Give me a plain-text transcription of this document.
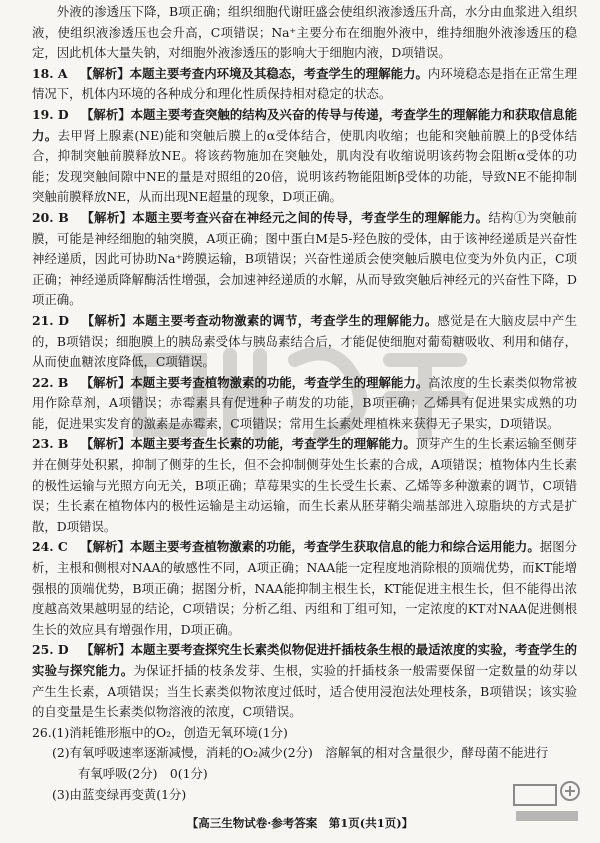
外液的渗透压下降，B项正确；组织细胞代谢旺盛会使组织液渗透压升高，水分由血浆进入组织液，使组织液渗透压也会升高，C项错误；Na⁺主要分布在细胞外液中，维持细胞外液渗透压的稳定，因此机体大量失钠，对细胞外液渗透压的影响大于细胞内液，D项错误。

18. A  【解析】本题主要考查内环境及其稳态，考查学生的理解能力。内环境稳态是指在正常生理情况下，机体内环境的各种成分和理化性质保持相对稳定的状态。

19. D  【解析】本题主要考查突触的结构及兴奋的传导与传递，考查学生的理解能力和获取信息能力。去甲肾上腺素(NE)能和突触后膜上的α受体结合，使肌肉收缩；也能和突触前膜上的β受体结合，抑制突触前膜释放NE。将该药物施加在突触处，肌肉没有收缩说明该药物会阻断α受体的功能；发现突触间隙中NE的量是对照组的20倍，说明该药物能阻断β受体的功能，导致NE不能抑制突触前膜释放NE，从而出现NE超量的现象，D项正确。

20. B  【解析】本题主要考查兴奋在神经元之间的传导，考查学生的理解能力。结构①为突触前膜，可能是神经细胞的轴突膜，A项正确；图中蛋白M是5-羟色胺的受体，由于该神经递质是兴奋性神经递质，因此可协助Na⁺跨膜运输，B项错误；兴奋性递质会使突触后膜电位变为外负内正，C项正确；神经递质降解酶活性增强，会加速神经递质的水解，从而导致突触后神经元的兴奋性下降，D项正确。

21. D  【解析】本题主要考查动物激素的调节，考查学生的理解能力。感觉是在大脑皮层中产生的，B项错误；细胞膜上的胰岛素受体与胰岛素结合后，才能促使细胞对葡萄糖吸收、利用和储存，从而使血糖浓度降低，C项错误。

22. B  【解析】本题主要考查植物激素的功能，考查学生的理解能力。高浓度的生长素类似物常被用作除草剂，A项错误；赤霉素具有促进种子萌发的功能，B项正确；乙烯具有促进果实成熟的功能，促进果实发育的激素是赤霉素，C项错误；常用生长素处理植株来获得无子果实，D项错误。

23. B  【解析】本题主要考查生长素的功能，考查学生的理解能力。顶芽产生的生长素运输至侧芽并在侧芽处积累，抑制了侧芽的生长，但不会抑制侧芽处生长素的合成，A项错误；植物体内生长素的极性运输与光照方向无关，B项正确；草莓果实的生长受生长素、乙烯等多种激素的调节，C项错误；生长素在植物体内的极性运输是主动运输，而生长素从胚芽鞘尖端基部进入琼脂块的方式是扩散，D项错误。

24. C  【解析】本题主要考查植物激素的功能，考查学生获取信息的能力和综合运用能力。据图分析，主根和侧根对NAA的敏感性不同，A项正确；NAA能一定程度地消除根的顶端优势，而KT能增强根的顶端优势，B项正确；据图分析，NAA能抑制主根生长，KT能促进主根生长，但不能得出浓度越高效果越明显的结论，C项错误；分析乙组、丙组和丁组可知，一定浓度的KT对NAA促进侧根生长的效应具有增强作用，D项正确。

25. D  【解析】本题主要考查探究生长素类似物促进扦插枝条生根的最适浓度的实验，考查学生的实验与探究能力。为保证扦插的枝条发芽、生根，实验的扦插枝条一般需要保留一定数量的幼芽以产生生长素，A项错误；当生长素类似物浓度过低时，适合使用浸泡法处理枝条，B项错误；该实验的自变量是生长素类似物溶液的浓度，C项错误。

26.(1)消耗锥形瓶中的O₂，创造无氧环境(1分)

(2)有氧呼吸速率逐渐减慢，消耗的O₂减少(2分)　溶解氧的相对含量很少，酵母菌不能进行

有氧呼吸(2分)　0(1分)

(3)由蓝变绿再变黄(1分)

【高三生物试卷·参考答案　第1页(共1页)】
